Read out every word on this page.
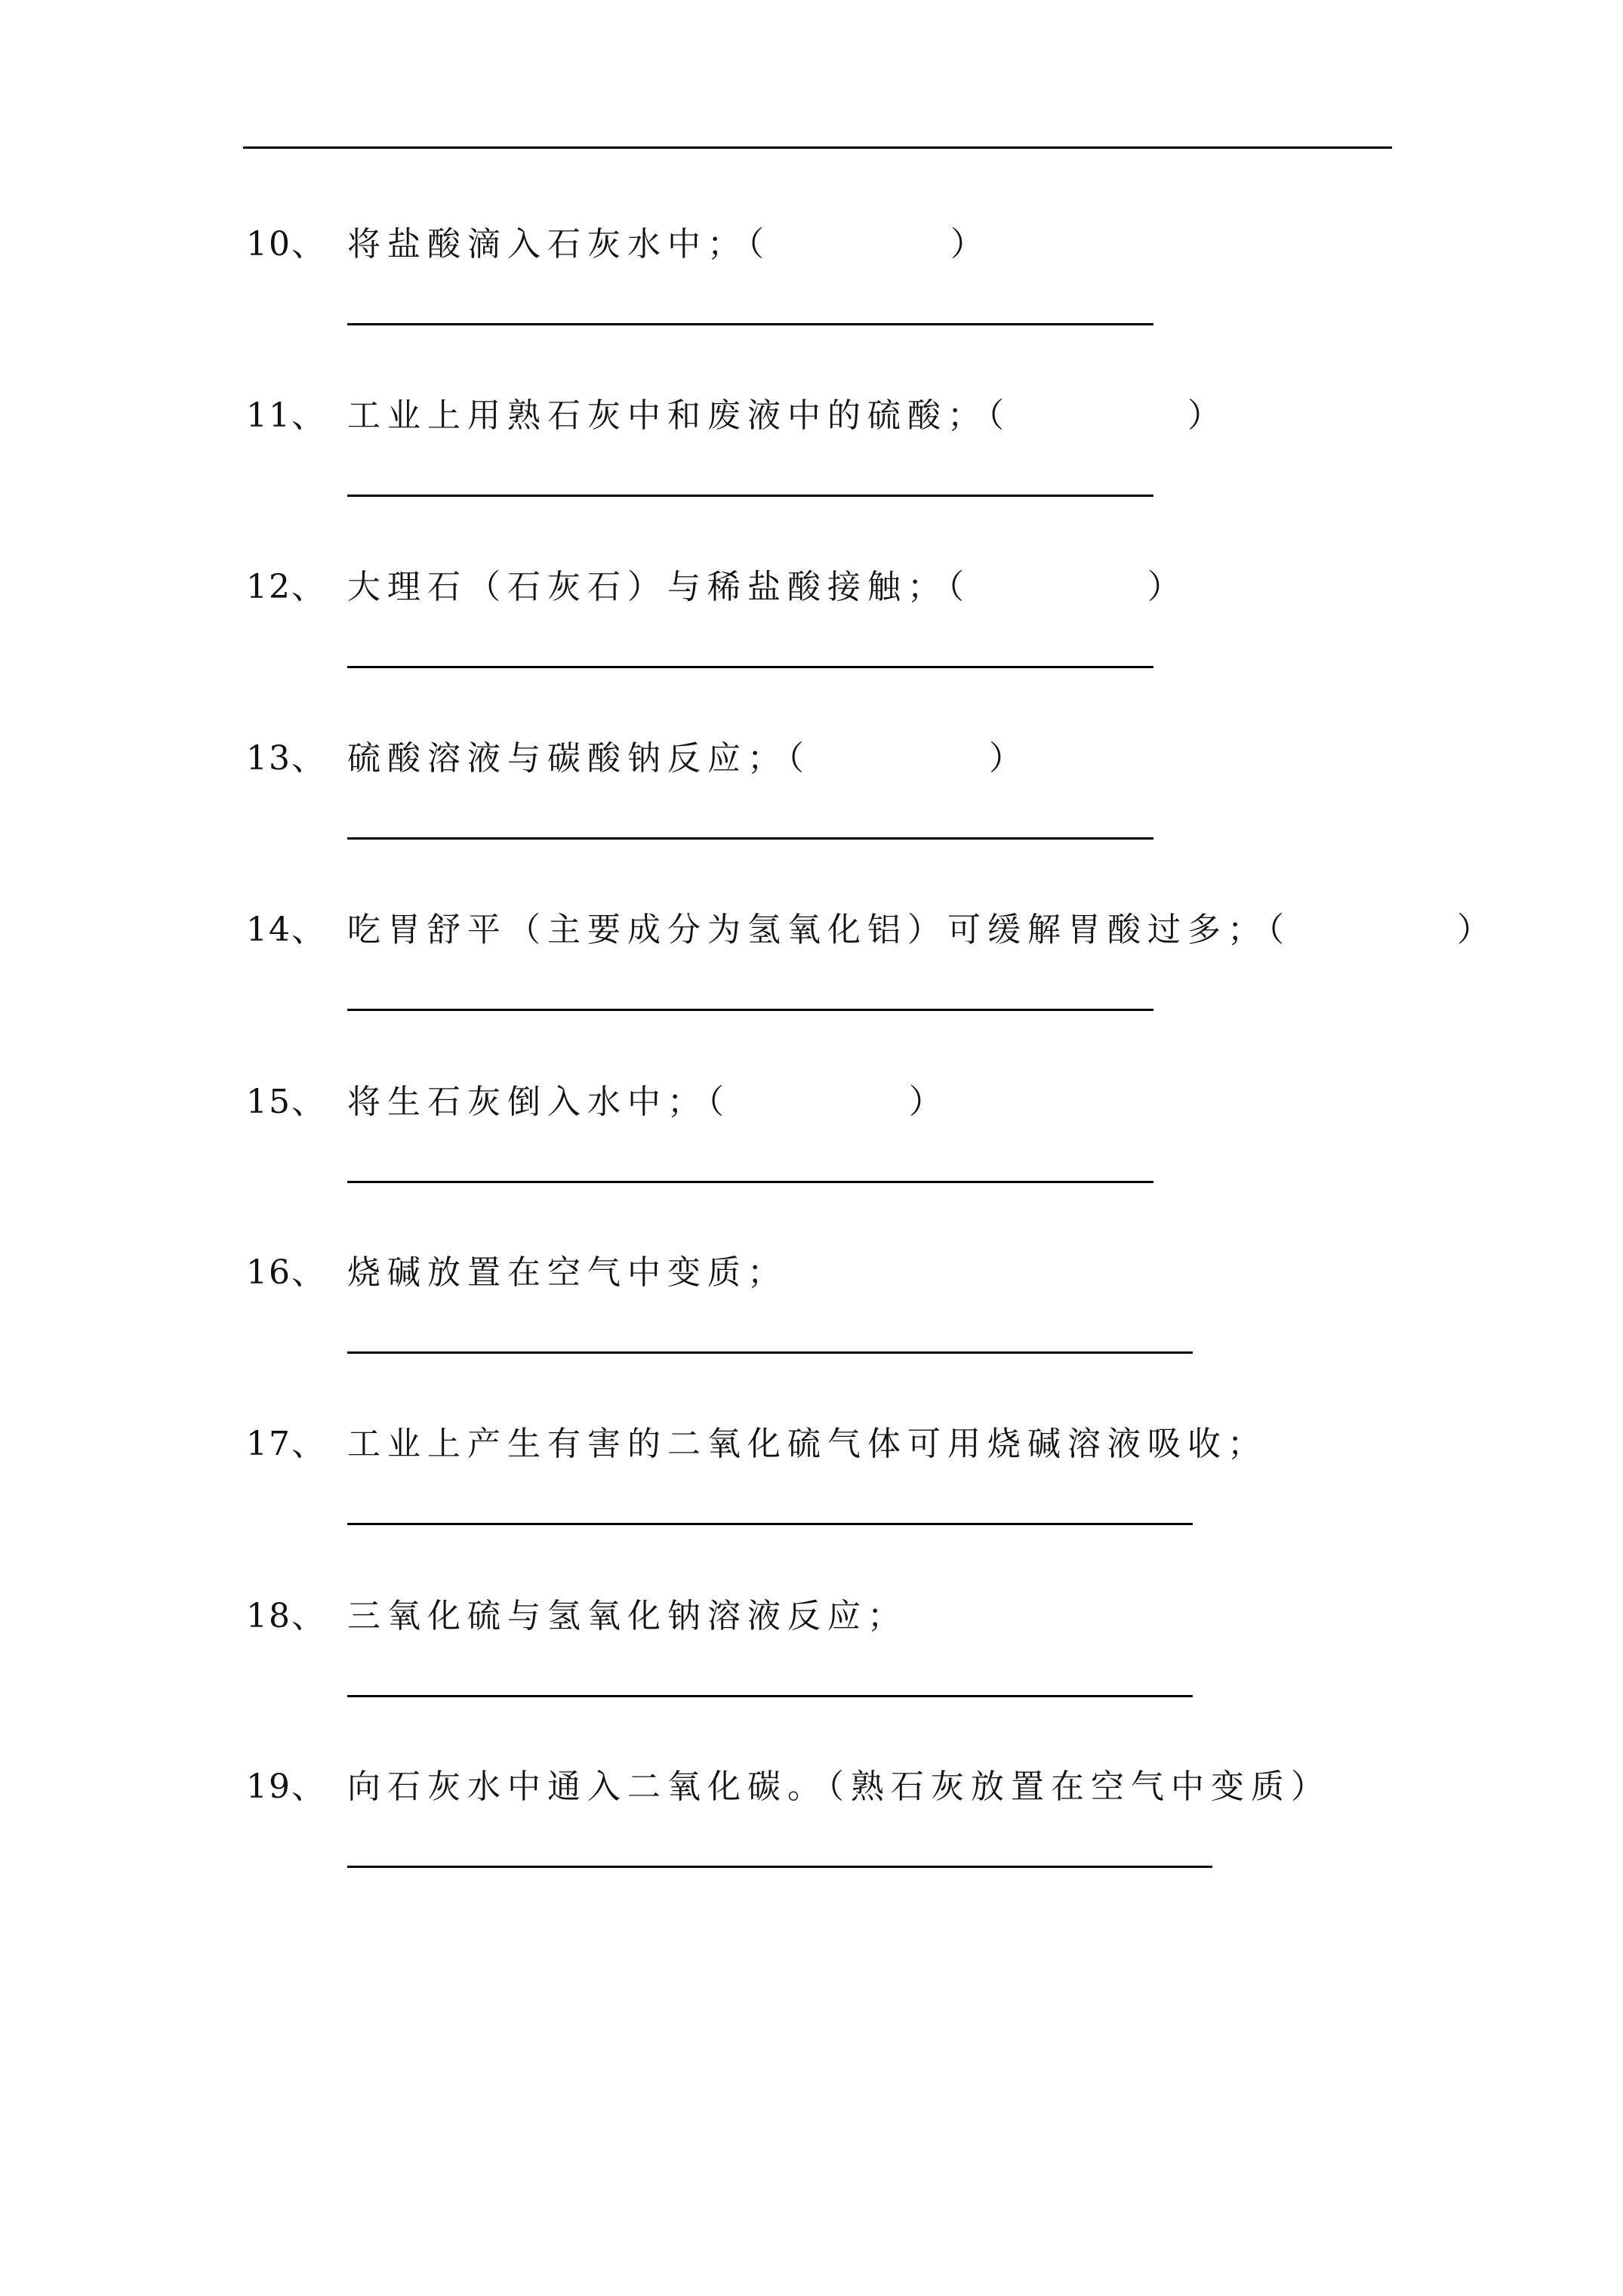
10、 将盐酸滴入石灰水中；（	）
11、 工业上用熟石灰中和废液中的硫酸；（	）
12、 大理石（石灰石）与稀盐酸接触；（	）
13、 硫酸溶液与碳酸钠反应；（	）
14、 吃胃舒平（主要成分为氢氧化铝）可缓解胃酸过多；（	）
15、 将生石灰倒入水中；（	）
16、 烧碱放置在空气中变质；
17、 工业上产生有害的二氧化硫气体可用烧碱溶液吸收；
18、 三氧化硫与氢氧化钠溶液反应；
19、 向石灰水中通入二氧化碳。（熟石灰放置在空气中变质）
